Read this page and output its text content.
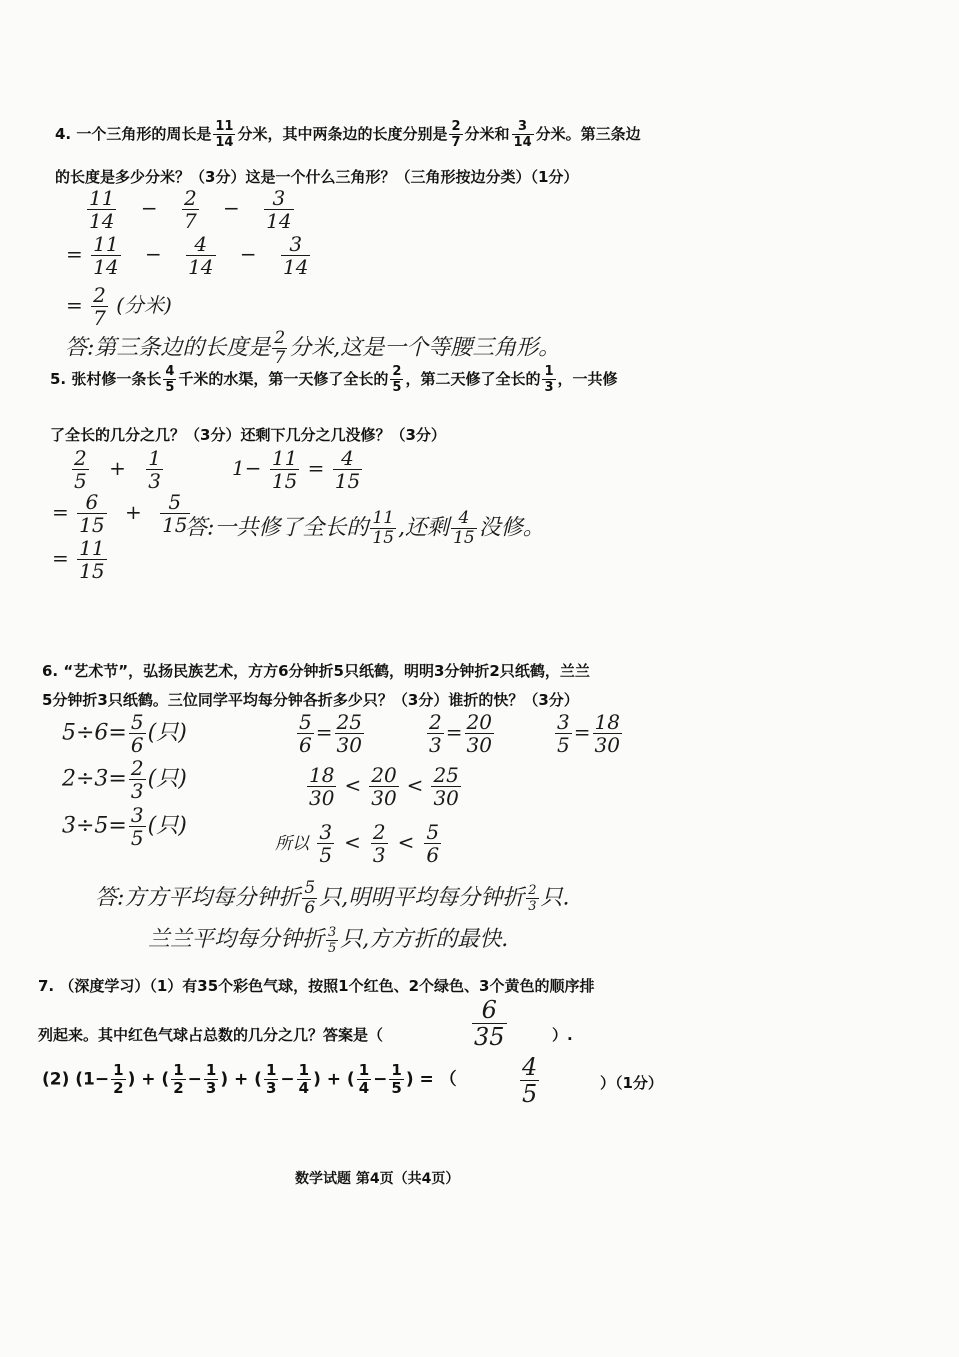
4. 一个三角形的周长是 $\frac{11}{14}$ 分米，其中两条边的长度分别是 $\frac{2}{7}$ 分米和 $\frac{3}{14}$ 分米。第三条边
的长度是多少分米？（3分）这是一个什么三角形？（三角形按边分类）（1分）
$\frac{11}{14} - \frac{2}{7} - \frac{3}{14}$
= $\frac{11}{14} - \frac{4}{14} - \frac{3}{14}$
= $\frac{2}{7}$ (分米)
答:第三条边的长度是 $\frac{2}{7}$ 分米,这是一个等腰三角形。
5. 张村修一条长 $\frac{4}{5}$ 千米的水渠，第一天修了全长的 $\frac{2}{5}$ ，第二天修了全长的 $\frac{1}{3}$ ，一共修
了全长的几分之几？（3分）还剩下几分之几没修？（3分）
$\frac{2}{5} + \frac{1}{3}$
= $\frac{6}{15} + \frac{5}{15}$
= $\frac{11}{15}$
$1- \frac{11}{15} = \frac{4}{15}$
答:一共修了全长的 $\frac{11}{15}$ ,还剩 $\frac{4}{15}$ 没修。
6. “艺术节”，弘扬民族艺术，方方6分钟折5只纸鹤，明明3分钟折2只纸鹤，兰兰
5分钟折3只纸鹤。三位同学平均每分钟各折多少只？（3分）谁折的快？（3分）
$5\div 6= \frac{5}{6}$ (只)
$2\div 3= \frac{2}{3}$ (只)
$3\div 5= \frac{3}{5}$ (只)
$\frac{5}{6} = \frac{25}{30}$	$\frac{2}{3} = \frac{20}{30}$	$\frac{3}{5} = \frac{18}{30}$
$\frac{18}{30} < \frac{20}{30} < \frac{25}{30}$
所以 $\frac{3}{5} < \frac{2}{3} < \frac{5}{6}$
答:方方平均每分钟折 $\frac{5}{6}$ 只,明明平均每分钟折 $\frac{2}{3}$ 只.
兰兰平均每分钟折 $\frac{3}{5}$ 只,方方折的最快.
7. （深度学习）（1）有35个彩色气球，按照1个红色、2个绿色、3个黄色的顺序排
列起来。其中红色气球占总数的几分之几？答案是（	$\frac{6}{35}$	）.
(2) ($1- \frac{1}{2}$ ) + ( $\frac{1}{2} - \frac{1}{3}$ ) + ( $\frac{1}{3} - \frac{1}{4}$ ) + ( $\frac{1}{4} - \frac{1}{5}$ ) = （	$\frac{4}{5}$	）（1分）
数学试题 第4页（共4页）
